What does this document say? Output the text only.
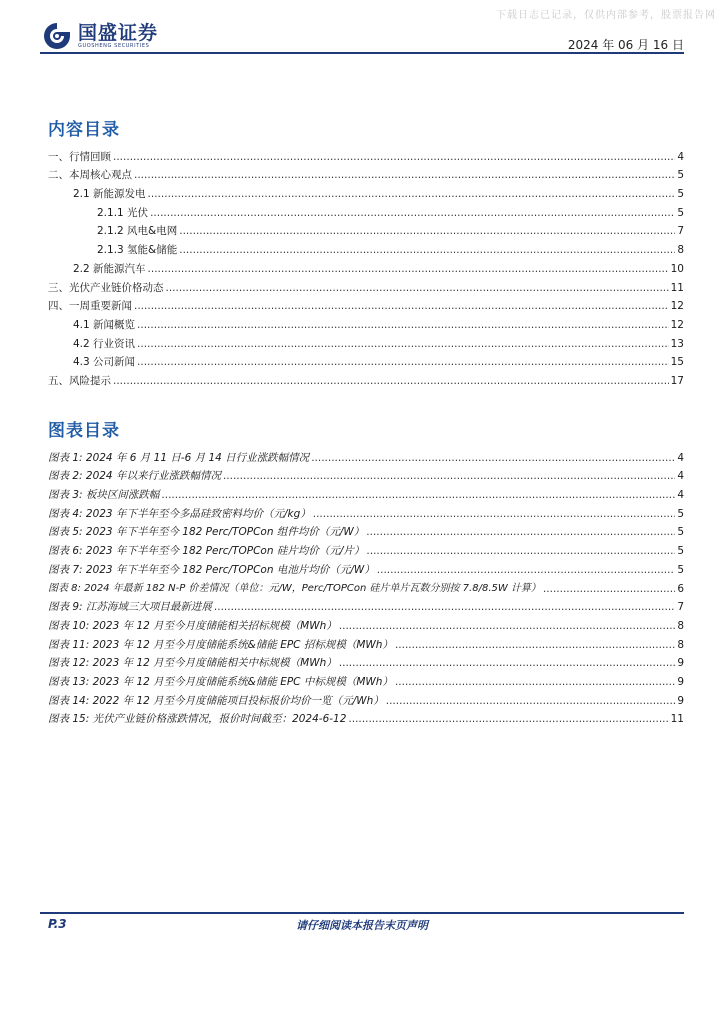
下载日志已记录，仅供内部参考，股票报告网
国盛证券
GUOSHENG SECURITIES	2024 年 06 月 16 日
内容目录
一、行情回顾 .....	4
二、本周核心观点 .....	5
2.1 新能源发电 .....	5
2.1.1 光伏 .....	5
2.1.2 风电&电网 .....	7
2.1.3 氢能&储能 .....	8
2.2 新能源汽车 .....	10
三、光伏产业链价格动态 .....	11
四、一周重要新闻 .....	12
4.1 新闻概览 .....	12
4.2 行业资讯 .....	13
4.3 公司新闻 .....	15
五、风险提示 .....	17
图表目录
图表 1: 2024 年 6 月 11 日-6 月 14 日行业涨跌幅情况 .....	4
图表 2: 2024 年以来行业涨跌幅情况 .....	4
图表 3: 板块区间涨跌幅 .....	4
图表 4: 2023 年下半年至今多晶硅致密料均价（元/kg） .....	5
图表 5: 2023 年下半年至今 182 Perc/TOPCon 组件均价（元/W） .....	5
图表 6: 2023 年下半年至今 182 Perc/TOPCon 硅片均价（元/片） .....	5
图表 7: 2023 年下半年至今 182 Perc/TOPCon 电池片均价（元/W） .....	5
图表 8: 2024 年最新 182 N-P 价差情况（单位：元/W，Perc/TOPCon 硅片单片瓦数分别按 7.8/8.5W 计算） .....	6
图表 9: 江苏海域三大项目最新进展 .....	7
图表 10: 2023 年 12 月至今月度储能相关招标规模（MWh） .....	8
图表 11: 2023 年 12 月至今月度储能系统&储能 EPC 招标规模（MWh） .....	8
图表 12: 2023 年 12 月至今月度储能相关中标规模（MWh） .....	9
图表 13: 2023 年 12 月至今月度储能系统&储能 EPC 中标规模（MWh） .....	9
图表 14: 2022 年 12 月至今月度储能项目投标报价均价一览（元/Wh） .....	9
图表 15: 光伏产业链价格涨跌情况，报价时间截至：2024-6-12 .....	11
P.3	请仔细阅读本报告末页声明
